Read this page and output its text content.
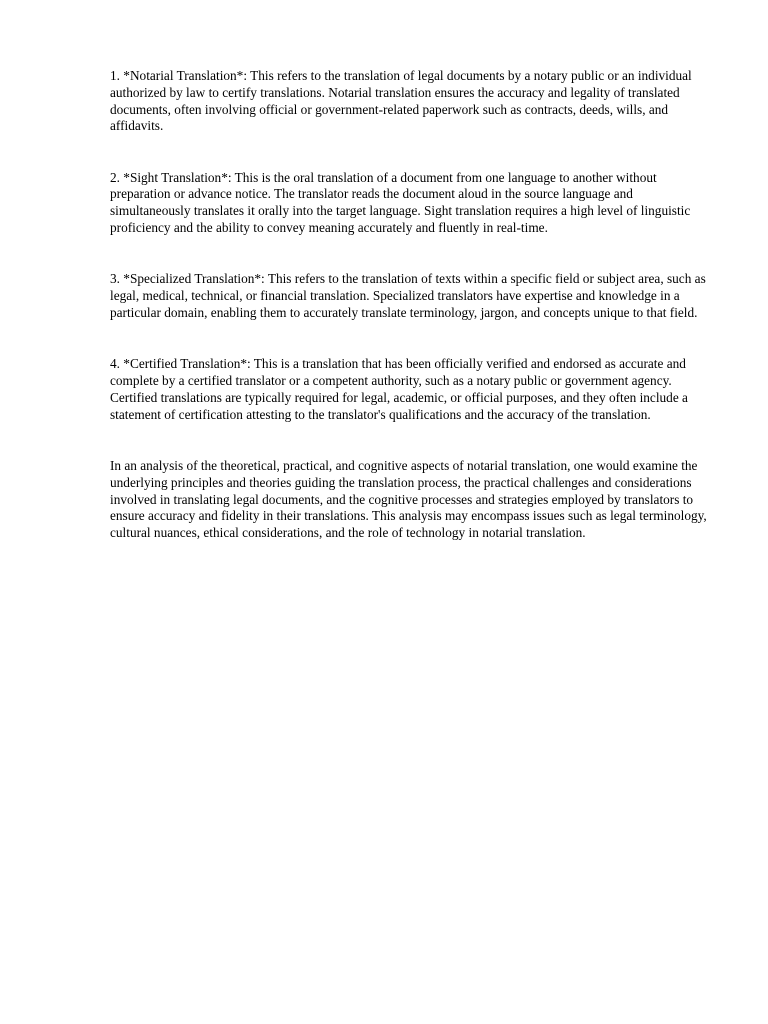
1. *Notarial Translation*: This refers to the translation of legal documents by a notary public or an individual authorized by law to certify translations. Notarial translation ensures the accuracy and legality of translated documents, often involving official or government-related paperwork such as contracts, deeds, wills, and affidavits.

2. *Sight Translation*: This is the oral translation of a document from one language to another without preparation or advance notice. The translator reads the document aloud in the source language and simultaneously translates it orally into the target language. Sight translation requires a high level of linguistic proficiency and the ability to convey meaning accurately and fluently in real-time.

3. *Specialized Translation*: This refers to the translation of texts within a specific field or subject area, such as legal, medical, technical, or financial translation. Specialized translators have expertise and knowledge in a particular domain, enabling them to accurately translate terminology, jargon, and concepts unique to that field.

4. *Certified Translation*: This is a translation that has been officially verified and endorsed as accurate and complete by a certified translator or a competent authority, such as a notary public or government agency. Certified translations are typically required for legal, academic, or official purposes, and they often include a statement of certification attesting to the translator's qualifications and the accuracy of the translation.

In an analysis of the theoretical, practical, and cognitive aspects of notarial translation, one would examine the underlying principles and theories guiding the translation process, the practical challenges and considerations involved in translating legal documents, and the cognitive processes and strategies employed by translators to ensure accuracy and fidelity in their translations. This analysis may encompass issues such as legal terminology, cultural nuances, ethical considerations, and the role of technology in notarial translation.
